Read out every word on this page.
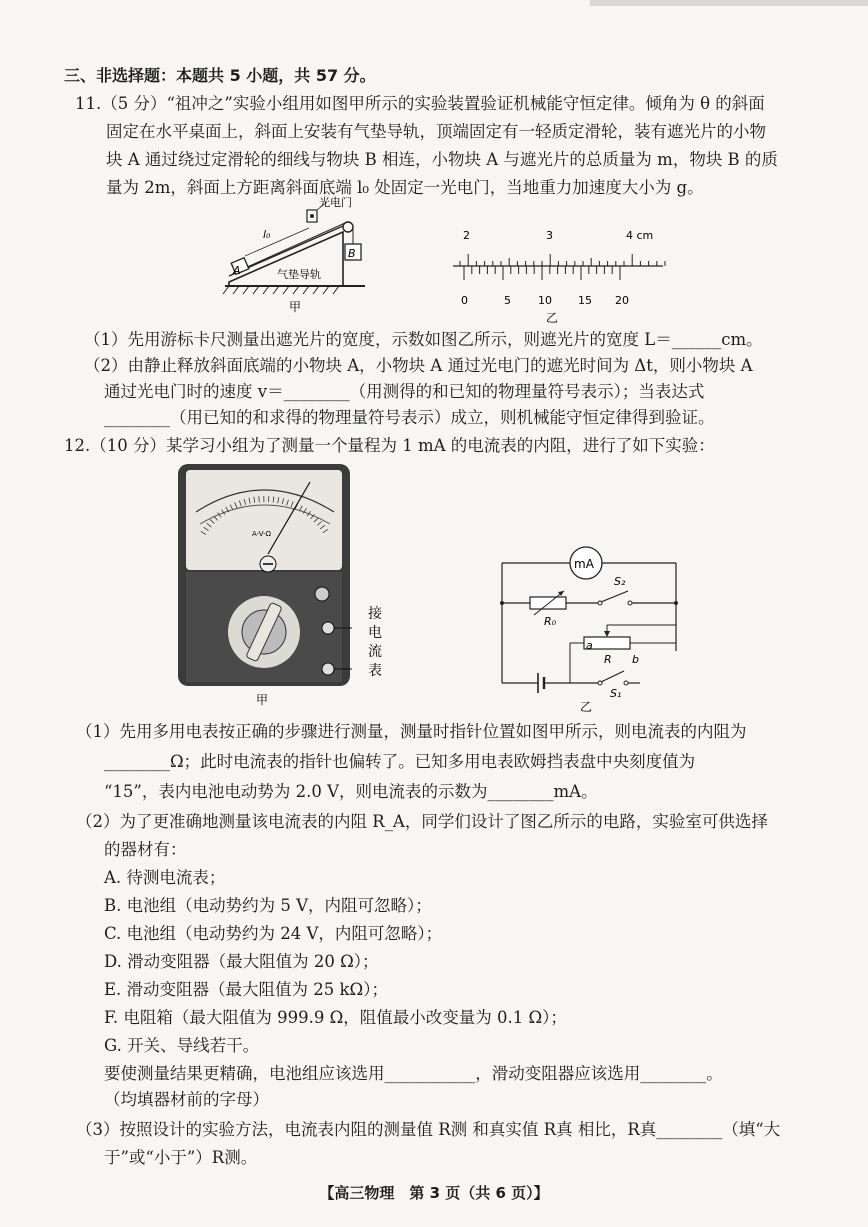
三、非选择题：本题共 5 小题，共 57 分。
11.（5 分）“祖冲之”实验小组用如图甲所示的实验装置验证机械能守恒定律。倾角为 θ 的斜面
固定在水平桌面上，斜面上安装有气垫导轨，顶端固定有一轻质定滑轮，装有遮光片的小物
块 A 通过绕过定滑轮的细线与物块 B 相连，小物块 A 与遮光片的总质量为 m，物块 B 的质
量为 2m，斜面上方距离斜面底端 l₀ 处固定一光电门，当地重力加速度大小为 g。
光电门
l₀
A
B
气垫导轨
甲
2	3	4 cm
0	5 10 15 20
乙
（1）先用游标卡尺测量出遮光片的宽度，示数如图乙所示，则遮光片的宽度 L＝______cm。
（2）由静止释放斜面底端的小物块 A，小物块 A 通过光电门的遮光时间为 Δt，则小物块 A
通过光电门时的速度 v＝________（用测得的和已知的物理量符号表示）；当表达式
________（用已知的和求得的物理量符号表示）成立，则机械能守恒定律得到验证。
12.（10 分）某学习小组为了测量一个量程为 1 mA 的电流表的内阻，进行了如下实验：
A-V-Ω
接
电
流
表
甲
mA
S₂
R₀
a
R b
S₁
乙
（1）先用多用电表按正确的步骤进行测量，测量时指针位置如图甲所示，则电流表的内阻为
________Ω；此时电流表的指针也偏转了。已知多用电表欧姆挡表盘中央刻度值为
“15”，表内电池电动势为 2.0 V，则电流表的示数为________mA。
（2）为了更准确地测量该电流表的内阻 R_A，同学们设计了图乙所示的电路，实验室可供选择
的器材有：
A. 待测电流表；
B. 电池组（电动势约为 5 V，内阻可忽略）；
C. 电池组（电动势约为 24 V，内阻可忽略）；
D. 滑动变阻器（最大阻值为 20 Ω）；
E. 滑动变阻器（最大阻值为 25 kΩ）；
F. 电阻箱（最大阻值为 999.9 Ω，阻值最小改变量为 0.1 Ω）；
G. 开关、导线若干。
要使测量结果更精确，电池组应该选用___________，滑动变阻器应该选用________。
（均填器材前的字母）
（3）按照设计的实验方法，电流表内阻的测量值 R测 和真实值 R真 相比，R真________（填“大
于”或“小于”）R测。
【高三物理　第 3 页（共 6 页）】
